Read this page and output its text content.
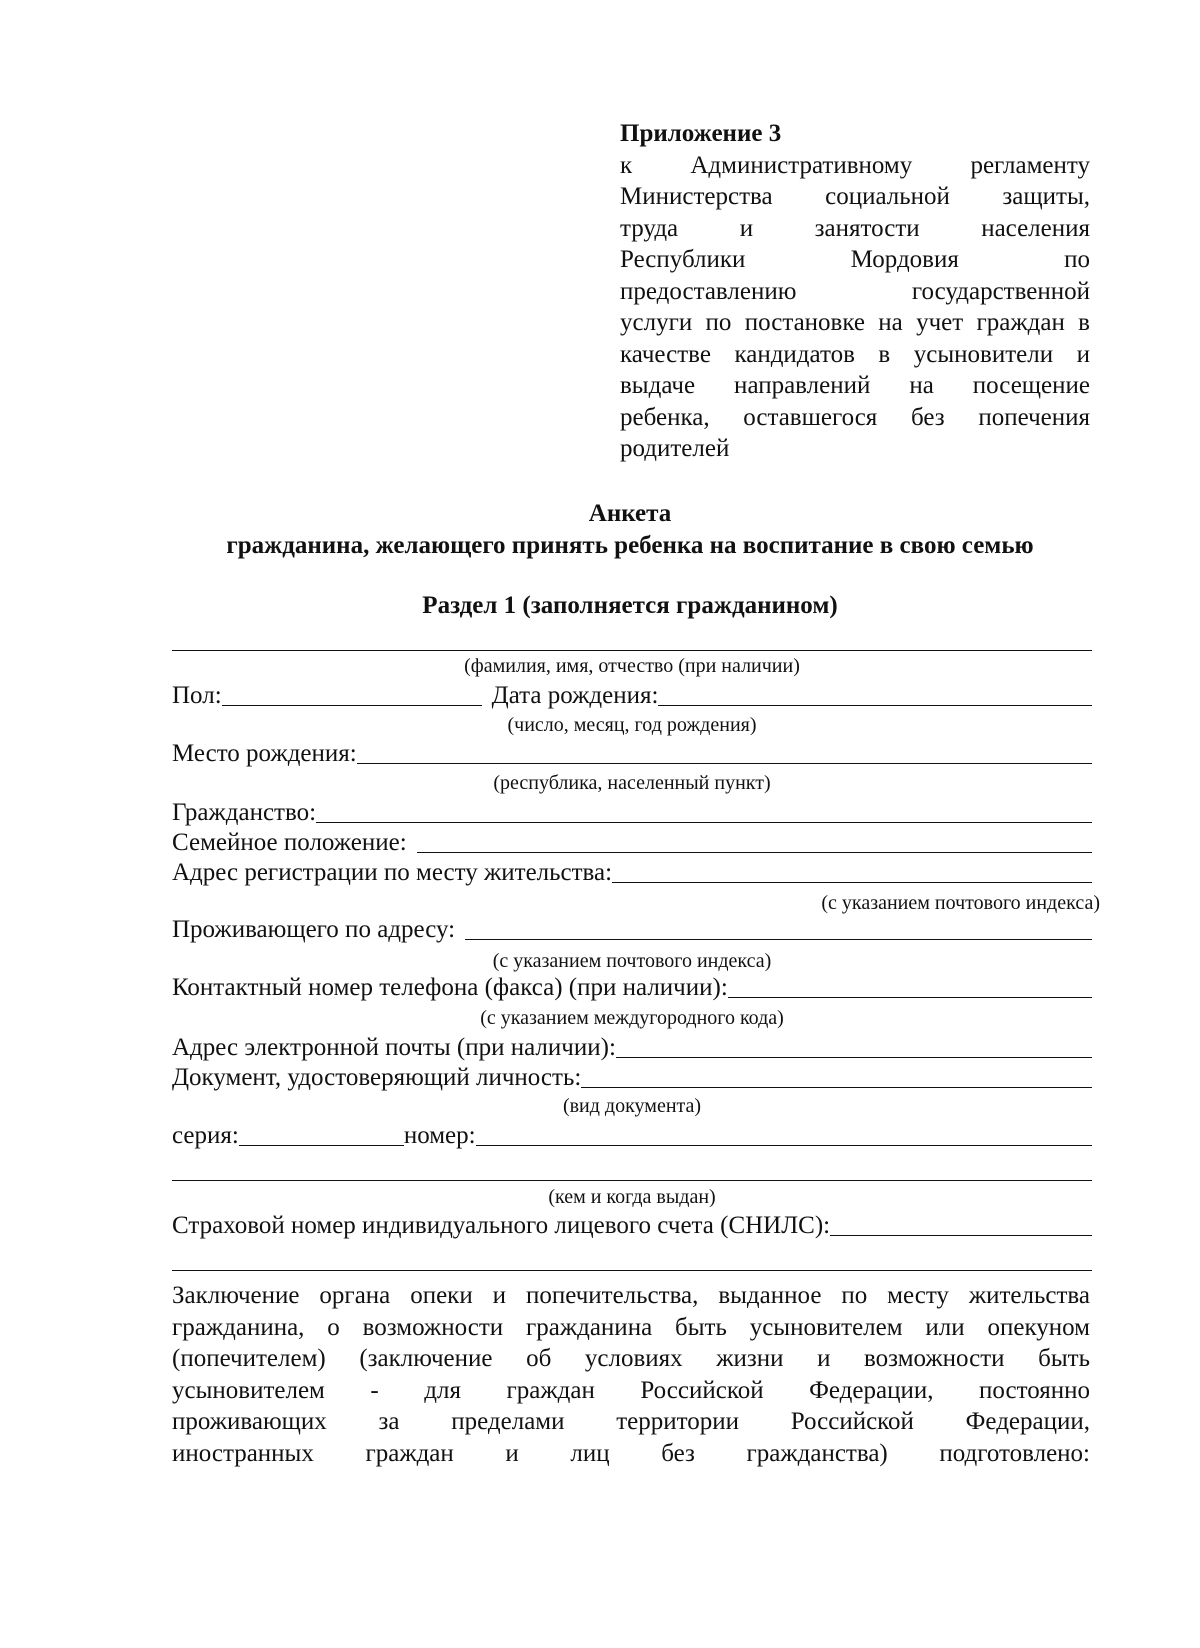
Приложение 3
к Административному регламенту
Министерства социальной защиты,
труда и занятости населения
Республики Мордовия по
предоставлению государственной
услуги по постановке на учет граждан в
качестве кандидатов в усыновители и
выдаче направлений на посещение
ребенка, оставшегося без попечения
родителей
Анкета
гражданина, желающего принять ребенка на воспитание в свою семью
Раздел 1 (заполняется гражданином)
(фамилия, имя, отчество (при наличии)
Пол:	Дата рождения:
(число, месяц, год рождения)
Место рождения:
(республика, населенный пункт)
Гражданство:
Семейное положение:
Адрес регистрации по месту жительства:
(с указанием почтового индекса)
Проживающего по адресу:
(с указанием почтового индекса)
Контактный номер телефона (факса) (при наличии):
(с указанием междугородного кода)
Адрес электронной почты (при наличии):
Документ, удостоверяющий личность:
(вид документа)
серия:	номер:
(кем и когда выдан)
Страховой номер индивидуального лицевого счета (СНИЛС):
Заключение органа опеки и попечительства, выданное по месту жительства
гражданина, о возможности гражданина быть усыновителем или опекуном
(попечителем) (заключение об условиях жизни и возможности быть
усыновителем - для граждан Российской Федерации, постоянно
проживающих за пределами территории Российской Федерации,
иностранных граждан и лиц без гражданства) подготовлено:
